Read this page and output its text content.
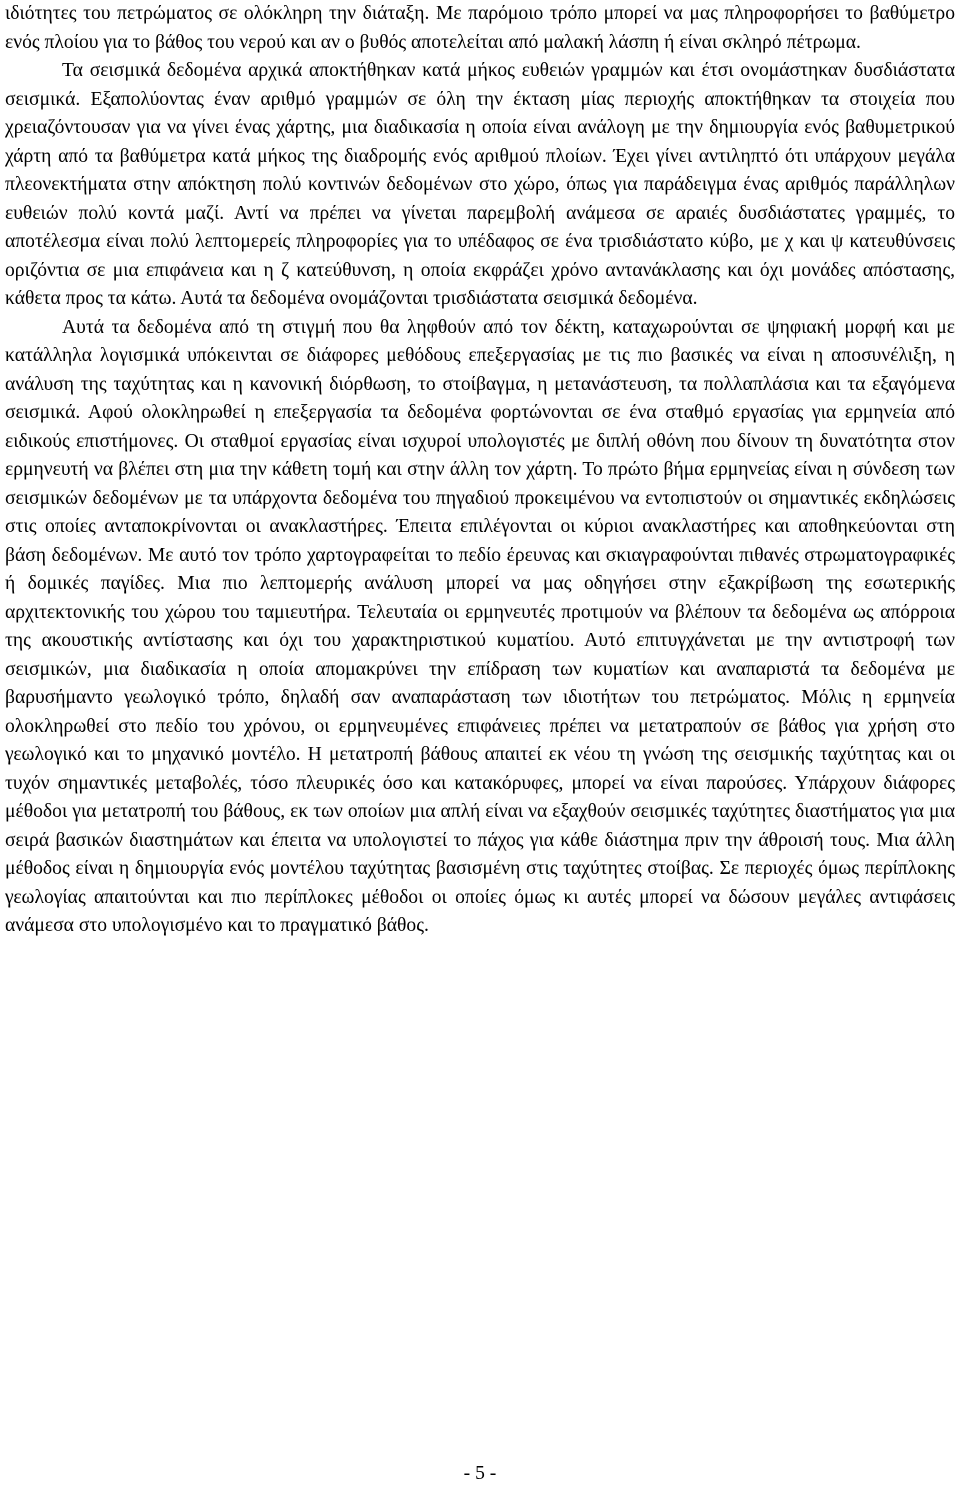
ιδιότητες του πετρώματος σε ολόκληρη την διάταξη. Με παρόμοιο τρόπο μπορεί να μας πληροφορήσει το βαθύμετρο ενός πλοίου για το βάθος του νερού και αν ο βυθός αποτελείται από μαλακή λάσπη ή είναι σκληρό πέτρωμα.

Τα σεισμικά δεδομένα αρχικά αποκτήθηκαν κατά μήκος ευθειών γραμμών και έτσι ονομάστηκαν δυσδιάστατα σεισμικά. Εξαπολύοντας έναν αριθμό γραμμών σε όλη την έκταση μίας περιοχής αποκτήθηκαν τα στοιχεία που χρειαζόντουσαν για να γίνει ένας χάρτης, μια διαδικασία η οποία είναι ανάλογη με την δημιουργία ενός βαθυμετρικού χάρτη από τα βαθύμετρα κατά μήκος της διαδρομής ενός αριθμού πλοίων. Έχει γίνει αντιληπτό ότι υπάρχουν μεγάλα πλεονεκτήματα στην απόκτηση πολύ κοντινών δεδομένων στο χώρο, όπως για παράδειγμα ένας αριθμός παράλληλων ευθειών πολύ κοντά μαζί. Αντί να πρέπει να γίνεται παρεμβολή ανάμεσα σε αραιές δυσδιάστατες γραμμές, το αποτέλεσμα είναι πολύ λεπτομερείς πληροφορίες για το υπέδαφος σε ένα τρισδιάστατο κύβο, με χ και ψ κατευθύνσεις οριζόντια σε μια επιφάνεια και η ζ κατεύθυνση, η οποία εκφράζει χρόνο αντανάκλασης και όχι μονάδες απόστασης, κάθετα προς τα κάτω. Αυτά τα δεδομένα ονομάζονται τρισδιάστατα σεισμικά δεδομένα.

Αυτά τα δεδομένα από τη στιγμή που θα ληφθούν από τον δέκτη, καταχωρούνται σε ψηφιακή μορφή και με κατάλληλα λογισμικά υπόκεινται σε διάφορες μεθόδους επεξεργασίας με τις πιο βασικές να είναι η αποσυνέλιξη, η ανάλυση της ταχύτητας και η κανονική διόρθωση, το στοίβαγμα, η μετανάστευση, τα πολλαπλάσια και τα εξαγόμενα σεισμικά. Αφού ολοκληρωθεί η επεξεργασία τα δεδομένα φορτώνονται σε ένα σταθμό εργασίας για ερμηνεία από ειδικούς επιστήμονες. Οι σταθμοί εργασίας είναι ισχυροί υπολογιστές με διπλή οθόνη που δίνουν τη δυνατότητα στον ερμηνευτή να βλέπει στη μια την κάθετη τομή και στην άλλη τον χάρτη. Το πρώτο βήμα ερμηνείας είναι η σύνδεση των σεισμικών δεδομένων με τα υπάρχοντα δεδομένα του πηγαδιού προκειμένου να εντοπιστούν οι σημαντικές εκδηλώσεις στις οποίες ανταποκρίνονται οι ανακλαστήρες. Έπειτα επιλέγονται οι κύριοι ανακλαστήρες και αποθηκεύονται στη βάση δεδομένων. Με αυτό τον τρόπο χαρτογραφείται το πεδίο έρευνας και σκιαγραφούνται πιθανές στρωματογραφικές ή δομικές παγίδες. Μια πιο λεπτομερής ανάλυση μπορεί να μας οδηγήσει στην εξακρίβωση της εσωτερικής αρχιτεκτονικής του χώρου του ταμιευτήρα. Τελευταία οι ερμηνευτές προτιμούν να βλέπουν τα δεδομένα ως απόρροια της ακουστικής αντίστασης και όχι του χαρακτηριστικού κυματίου. Αυτό επιτυγχάνεται με την αντιστροφή των σεισμικών, μια διαδικασία η οποία απομακρύνει την επίδραση των κυματίων και αναπαριστά τα δεδομένα με βαρυσήμαντο γεωλογικό τρόπο, δηλαδή σαν αναπαράσταση των ιδιοτήτων του πετρώματος. Μόλις η ερμηνεία ολοκληρωθεί στο πεδίο του χρόνου, οι ερμηνευμένες επιφάνειες πρέπει να μετατραπούν σε βάθος για χρήση στο γεωλογικό και το μηχανικό μοντέλο. Η μετατροπή βάθους απαιτεί εκ νέου τη γνώση της σεισμικής ταχύτητας και οι τυχόν σημαντικές μεταβολές, τόσο πλευρικές όσο και κατακόρυφες, μπορεί να είναι παρούσες. Υπάρχουν διάφορες μέθοδοι για μετατροπή του βάθους, εκ των οποίων μια απλή είναι να εξαχθούν σεισμικές ταχύτητες διαστήματος για μια σειρά βασικών διαστημάτων και έπειτα να υπολογιστεί το πάχος για κάθε διάστημα πριν την άθροισή τους. Μια άλλη μέθοδος είναι η δημιουργία ενός μοντέλου ταχύτητας βασισμένη στις ταχύτητες στοίβας. Σε περιοχές όμως περίπλοκης γεωλογίας απαιτούνται και πιο περίπλοκες μέθοδοι οι οποίες όμως κι αυτές μπορεί να δώσουν μεγάλες αντιφάσεις ανάμεσα στο υπολογισμένο και το πραγματικό βάθος.

- 5 -
